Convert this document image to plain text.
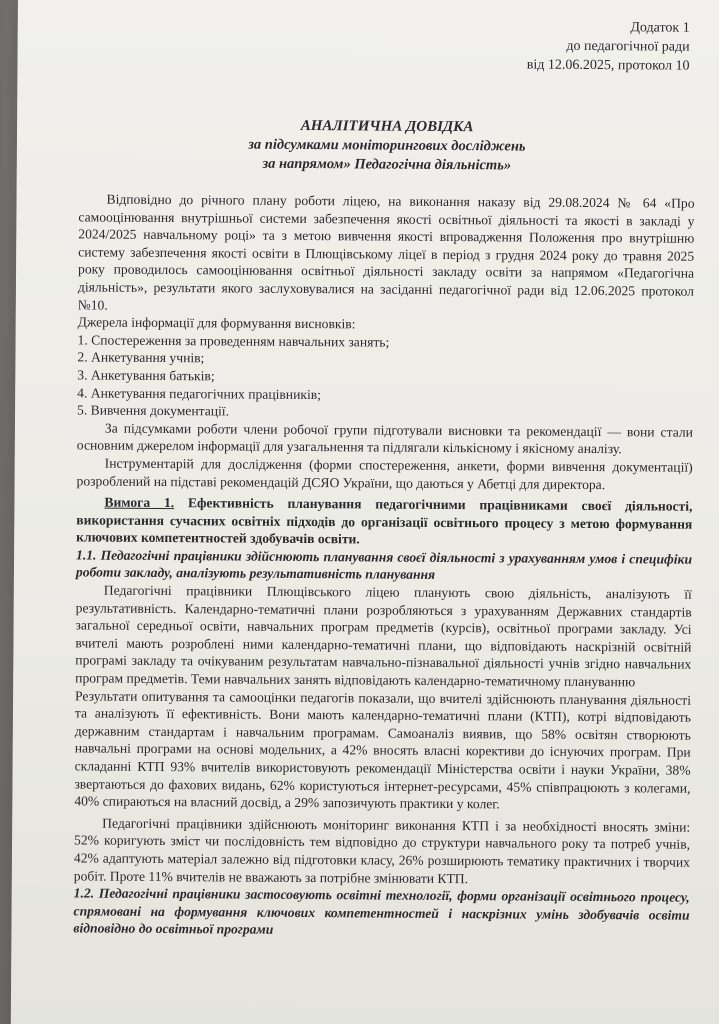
Додаток 1
до педагогічної ради
від 12.06.2025, протокол 10
АНАЛІТИЧНА ДОВІДКА
за підсумками моніторингових досліджень
за напрямом» Педагогічна діяльність»

Відповідно до річного плану роботи ліцею, на виконання наказу від 29.08.2024 № 64 «Про самооцінювання внутрішньої системи забезпечення якості освітньої діяльності та якості в закладі у 2024/2025 навчальному році» та з метою вивчення якості впровадження Положення про внутрішню систему забезпечення якості освіти в Плющівському ліцеї в період з грудня 2024 року до травня 2025 року проводилось самооцінювання освітньої діяльності закладу освіти за напрямом «Педагогічна діяльність», результати якого заслуховувалися на засіданні педагогічної ради від 12.06.2025 протокол №10.

Джерела інформації для формування висновків:

1. Спостереження за проведенням навчальних занять;
2. Анкетування учнів;
3. Анкетування батьків;
4. Анкетування педагогічних працівників;
5. Вивчення документації.

За підсумками роботи члени робочої групи підготували висновки та рекомендації — вони стали основним джерелом інформації для узагальнення та підлягали кількісному і якісному аналізу.

Інструментарій для дослідження (форми спостереження, анкети, форми вивчення документації) розроблений на підставі рекомендацій ДСЯО України, що даються у Абетці для директора.

Вимога 1. Ефективність планування педагогічними працівниками своєї діяльності, використання сучасних освітніх підходів до організації освітнього процесу з метою формування ключових компетентностей здобувачів освіти.

1.1. Педагогічні працівники здійснюють планування своєї діяльності з урахуванням умов і специфіки роботи закладу, аналізують результативність планування

Педагогічні працівники Плющівського ліцею планують свою діяльність, аналізують її результативність. Календарно-тематичні плани розробляються з урахуванням Державних стандартів загальної середньої освіти, навчальних програм предметів (курсів), освітньої програми закладу. Усі вчителі мають розроблені ними календарно-тематичні плани, що відповідають наскрізній освітній програмі закладу та очікуваним результатам навчально-пізнавальної діяльності учнів згідно навчальних програм предметів. Теми навчальних занять відповідають календарно-тематичному плануванню

Результати опитування та самооцінки педагогів показали, що вчителі здійснюють планування діяльності та аналізують її ефективність. Вони мають календарно-тематичні плани (КТП), котрі відповідають державним стандартам і навчальним програмам. Самоаналіз виявив, що 58% освітян створюють навчальні програми на основі модельних, а 42% вносять власні корективи до існуючих програм. При складанні КТП 93% вчителів використовують рекомендації Міністерства освіти і науки України, 38% звертаються до фахових видань, 62% користуються інтернет-ресурсами, 45% співпрацюють з колегами, 40% спираються на власний досвід, а 29% запозичують практики у колег.

Педагогічні працівники здійснюють моніторинг виконання КТП і за необхідності вносять зміни: 52% коригують зміст чи послідовність тем відповідно до структури навчального року та потреб учнів, 42% адаптують матеріал залежно від підготовки класу, 26% розширюють тематику практичних і творчих робіт. Проте 11% вчителів не вважають за потрібне змінювати КТП.

1.2. Педагогічні працівники застосовують освітні технології, форми організації освітнього процесу, спрямовані на формування ключових компетентностей і наскрізних умінь здобувачів освіти відповідно до освітньої програми
